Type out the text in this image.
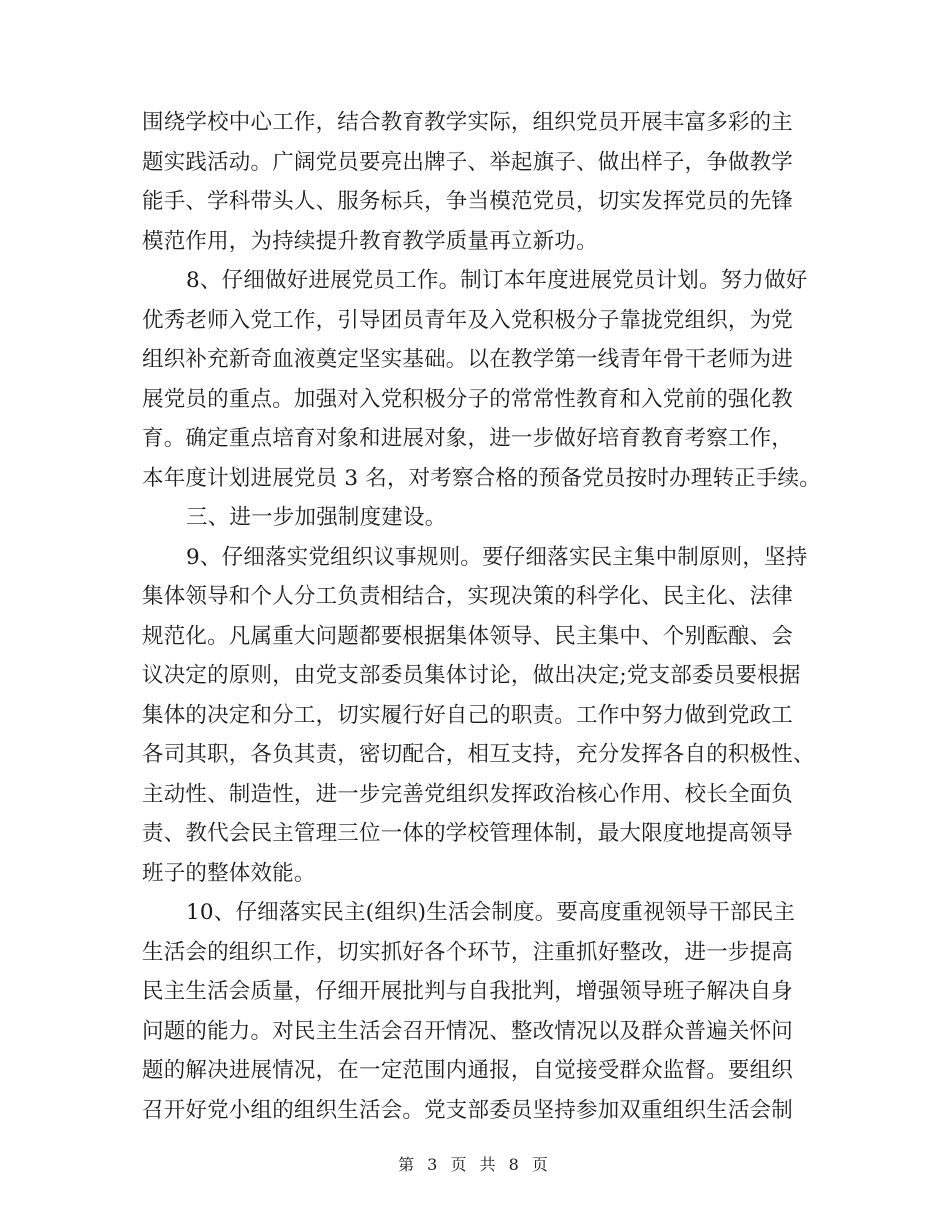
围绕学校中心工作，结合教育教学实际，组织党员开展丰富多彩的主
题实践活动。广阔党员要亮出牌子、举起旗子、做出样子，争做教学
能手、学科带头人、服务标兵，争当模范党员，切实发挥党员的先锋
模范作用，为持续提升教育教学质量再立新功。
8、仔细做好进展党员工作。制订本年度进展党员计划。努力做好
优秀老师入党工作，引导团员青年及入党积极分子靠拢党组织，为党
组织补充新奇血液奠定坚实基础。以在教学第一线青年骨干老师为进
展党员的重点。加强对入党积极分子的常常性教育和入党前的强化教
育。确定重点培育对象和进展对象，进一步做好培育教育考察工作，
本年度计划进展党员 3 名，对考察合格的预备党员按时办理转正手续。
三、进一步加强制度建设。
9、仔细落实党组织议事规则。要仔细落实民主集中制原则，坚持
集体领导和个人分工负责相结合，实现决策的科学化、民主化、法律
规范化。凡属重大问题都要根据集体领导、民主集中、个别酝酿、会
议决定的原则，由党支部委员集体讨论，做出决定;党支部委员要根据
集体的决定和分工，切实履行好自己的职责。工作中努力做到党政工
各司其职，各负其责，密切配合，相互支持，充分发挥各自的积极性、
主动性、制造性，进一步完善党组织发挥政治核心作用、校长全面负
责、教代会民主管理三位一体的学校管理体制，最大限度地提高领导
班子的整体效能。
10、仔细落实民主(组织)生活会制度。要高度重视领导干部民主
生活会的组织工作，切实抓好各个环节，注重抓好整改，进一步提高
民主生活会质量，仔细开展批判与自我批判，增强领导班子解决自身
问题的能力。对民主生活会召开情况、整改情况以及群众普遍关怀问
题的解决进展情况，在一定范围内通报，自觉接受群众监督。要组织
召开好党小组的组织生活会。党支部委员坚持参加双重组织生活会制
第 3 页 共 8 页
